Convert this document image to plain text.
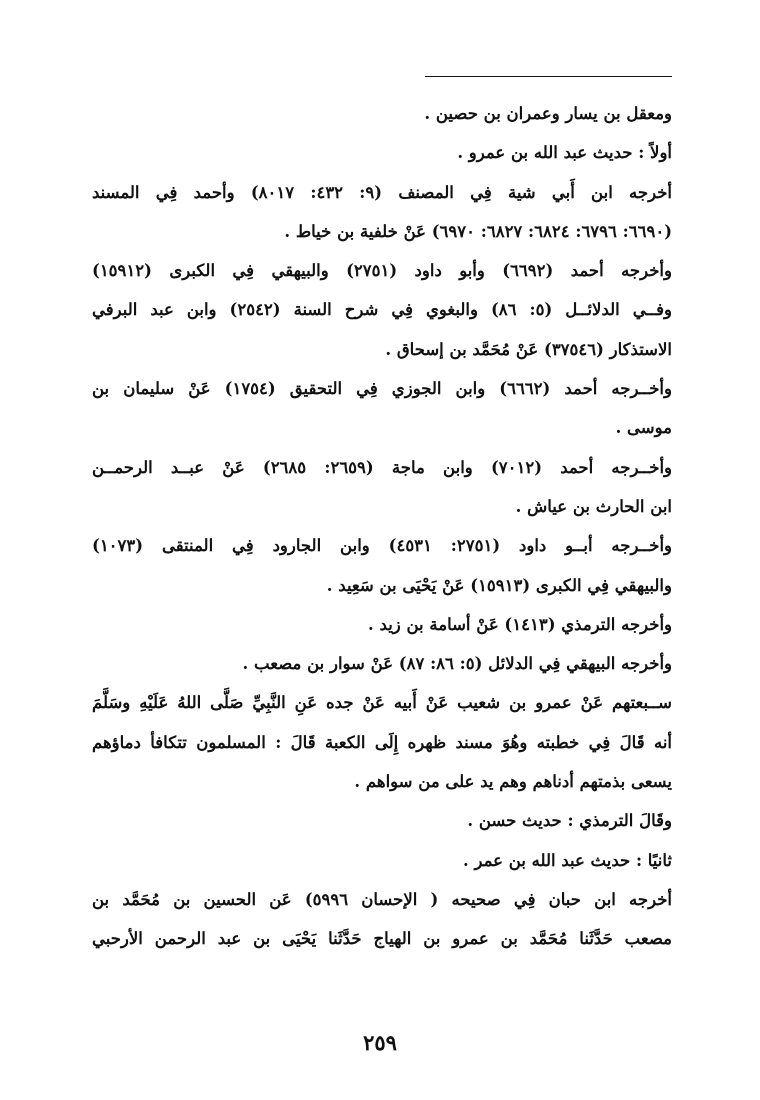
ومعقل بن يسار وعمران بن حصين .
أولاً : حديث عبد الله بن عمرو .
أخرجه ابن أَبي شية فِي المصنف (٩: ٤٣٢: ٨٠١٧) وأحمد فِي المسند
(٦٦٩٠: ٦٧٩٦: ٦٨٢٤: ٦٨٢٧: ٦٩٧٠) عَنْ خلفية بن خياط .
وأخرجه أحمد (٦٦٩٢) وأبو داود (٢٧٥١) والبيهقي فِي الكبرى (١٥٩١٢)
وفــي الدلائــل (٥: ٨٦) والبغوي فِي شرح السنة (٢٥٤٢) وابن عبد البرفي
الاستذكار (٣٧٥٤٦) عَنْ مُحَمَّد بن إسحاق .
وأخــرجه أحمد (٦٦٦٢) وابن الجوزي فِي التحقيق (١٧٥٤) عَنْ سليمان بن
موسى .
وأخــرجه أحمد (٧٠١٢) وابن ماجة (٢٦٥٩: ٢٦٨٥) عَنْ عبــد الرحمــن
ابن الحارث بن عياش .
وأخــرجه أبــو داود (٢٧٥١: ٤٥٣١) وابن الجارود فِي المنتقى (١٠٧٣)
والبيهقي فِي الكبرى (١٥٩١٣) عَنْ يَحْيَى بن سَعِيد .
وأخرجه الترمذي (١٤١٣) عَنْ أسامة بن زيد .
وأخرجه البيهقي فِي الدلائل (٥: ٨٦: ٨٧) عَنْ سوار بن مصعب .
ســبعتهم عَنْ عمرو بن شعيب عَنْ أَبيه عَنْ جده عَنِ النَّبِيِّ صَلَّى اللهُ عَلَيْهِ وسَلَّمَ
أنه قَالَ فِي خطبته وهُوَ مسند ظهره إِلَى الكعبة قَالَ : المسلمون تتكافأ دماؤهم
يسعى بذمتهم أدناهم وهم يد على من سواهم .
وقَالَ الترمذي : حديث حسن .
ثانيًا : حديث عبد الله بن عمر .
أخرجه ابن حبان فِي صحيحه ( الإحسان ٥٩٩٦) عَن الحسين بن مُحَمَّد بن
مصعب حَدَّثَنا مُحَمَّد بن عمرو بن الهياج حَدَّثَنا يَحْيَى بن عبد الرحمن الأرحبي
٢٥٩
